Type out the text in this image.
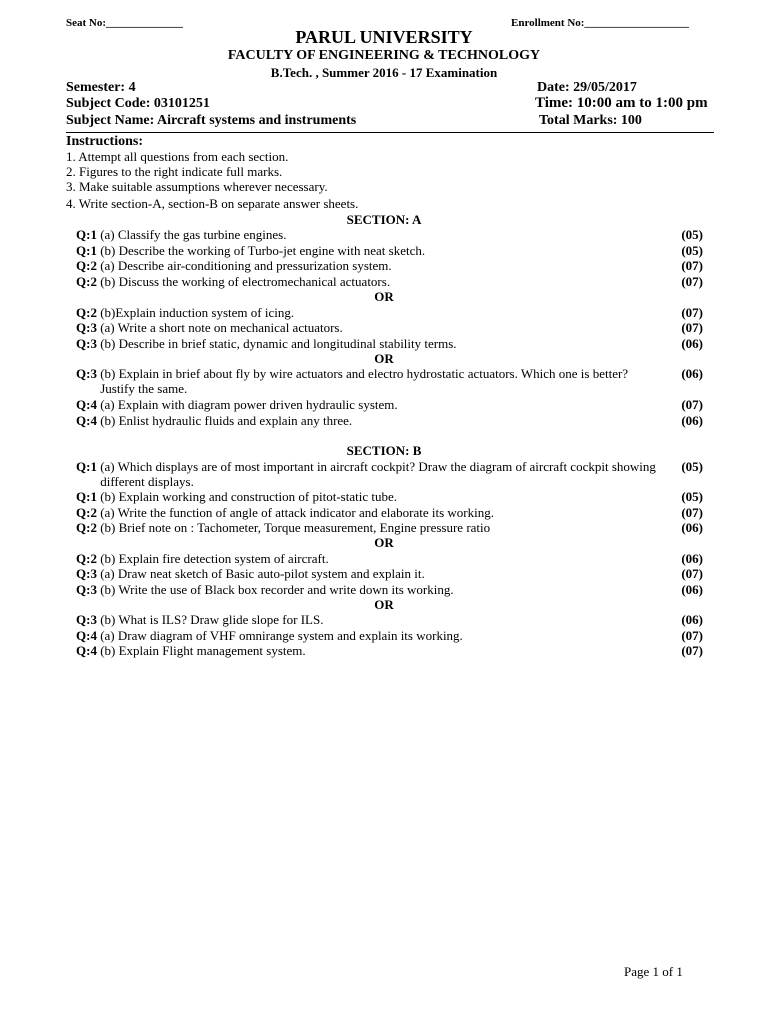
Seat No:______________	Enrollment No:___________________
PARUL UNIVERSITY
FACULTY OF ENGINEERING & TECHNOLOGY
B.Tech. , Summer 2016 - 17 Examination
Semester: 4	Date: 29/05/2017
Subject Code: 03101251	Time: 10:00 am to 1:00 pm
Subject Name: Aircraft systems and instruments	Total Marks: 100
Instructions:
1. Attempt all questions from each section.
2. Figures to the right indicate full marks.
3. Make suitable assumptions wherever necessary.
4. Write section-A, section-B on separate answer sheets.
SECTION: A
Q:1 (a) Classify the gas turbine engines.	(05)
Q:1 (b) Describe the working of Turbo-jet engine with neat sketch.	(05)
Q:2 (a) Describe air-conditioning and pressurization system.	(07)
Q:2 (b) Discuss the working of electromechanical actuators.	(07)
OR
Q:2 (b)Explain induction system of icing.	(07)
Q:3 (a) Write a short note on mechanical actuators.	(07)
Q:3 (b) Describe in brief static, dynamic and longitudinal stability terms.	(06)
OR
Q:3 (b) Explain in brief about fly by wire actuators and electro hydrostatic actuators. Which one is better? Justify the same.
(06)
Q:4 (a) Explain with diagram power driven hydraulic system.	(07)
Q:4 (b) Enlist hydraulic fluids and explain any three.	(06)
SECTION: B
Q:1 (a) Which displays are of most important in aircraft cockpit? Draw the diagram of aircraft cockpit showing different displays.
(05)
Q:1 (b) Explain working and construction of pitot-static tube.	(05)
Q:2 (a) Write the function of angle of attack indicator and elaborate its working.	(07)
Q:2 (b) Brief note on : Tachometer, Torque measurement, Engine pressure ratio	(06)
OR
Q:2 (b) Explain fire detection system of aircraft.	(06)
Q:3 (a) Draw neat sketch of Basic auto-pilot system and explain it.	(07)
Q:3 (b) Write the use of Black box recorder and write down its working.	(06)
OR
Q:3 (b) What is ILS? Draw glide slope for ILS.	(06)
Q:4 (a) Draw diagram of VHF omnirange system and explain its working.	(07)
Q:4 (b) Explain Flight management system.	(07)
Page 1 of 1
